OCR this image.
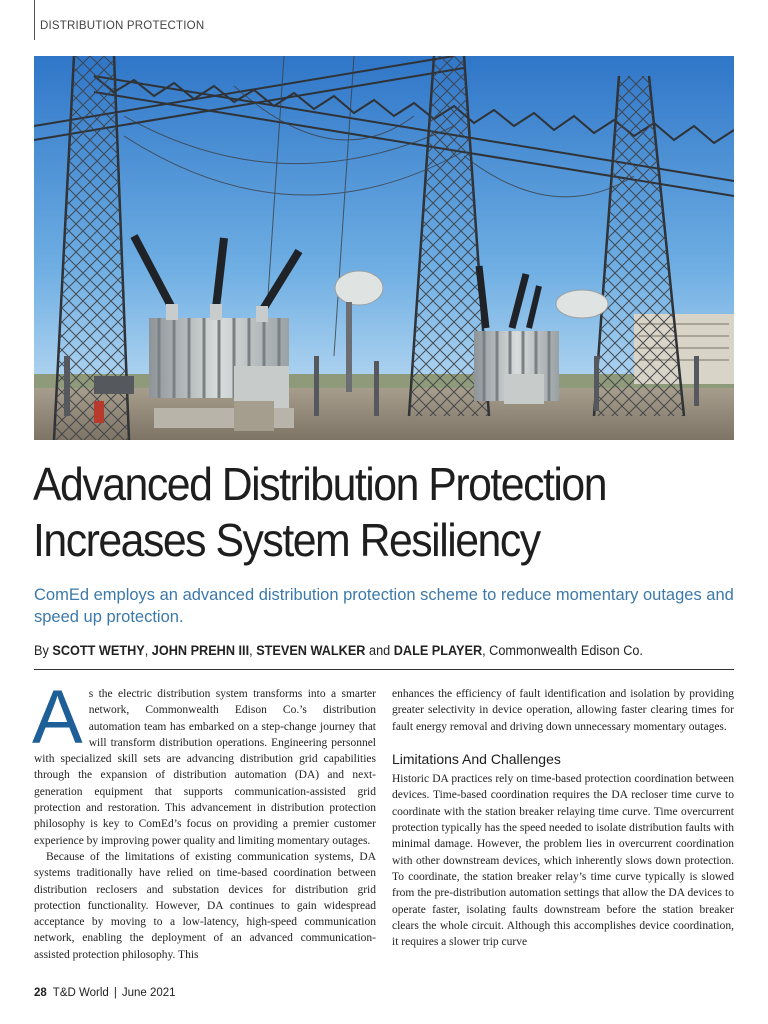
DISTRIBUTION PROTECTION
Advanced Distribution Protection
Increases System Resiliency

ComEd employs an advanced distribution protection scheme to reduce momentary outages and speed up protection.

By SCOTT WETHY, JOHN PREHN III, STEVEN WALKER and DALE PLAYER, Commonwealth Edison Co.

As the electric distribution system transforms into a smarter network, Commonwealth Edison Co.’s distribution automation team has embarked on a step-change journey that will transform distribution operations. Engineering personnel with specialized skill sets are advancing distribution grid capabilities through the expansion of distribution automation (DA) and next-generation equipment that supports communication-assisted grid protection and restoration. This advancement in distribution protection philosophy is key to ComEd’s focus on providing a premier customer experience by improving power quality and limiting momentary outages.

Because of the limitations of existing communication systems, DA systems traditionally have relied on time-based coordination between distribution reclosers and substation devices for distribution grid protection functionality. However, DA continues to gain widespread acceptance by moving to a low-latency, high-speed communication network, enabling the deployment of an advanced communication-assisted protection philosophy. This

enhances the efficiency of fault identification and isolation by providing greater selectivity in device operation, allowing faster clearing times for fault energy removal and driving down unnecessary momentary outages.

Limitations And Challenges

Historic DA practices rely on time-based protection coordination between devices. Time-based coordination requires the DA recloser time curve to coordinate with the station breaker relaying time curve. Time overcurrent protection typically has the speed needed to isolate distribution faults with minimal damage. However, the problem lies in overcurrent coordination with other downstream devices, which inherently slows down protection. To coordinate, the station breaker relay’s time curve typically is slowed from the pre-distribution automation settings that allow the DA devices to operate faster, isolating faults downstream before the station breaker clears the whole circuit. Although this accomplishes device coordination, it requires a slower trip curve

28 T&D World | June 2021
